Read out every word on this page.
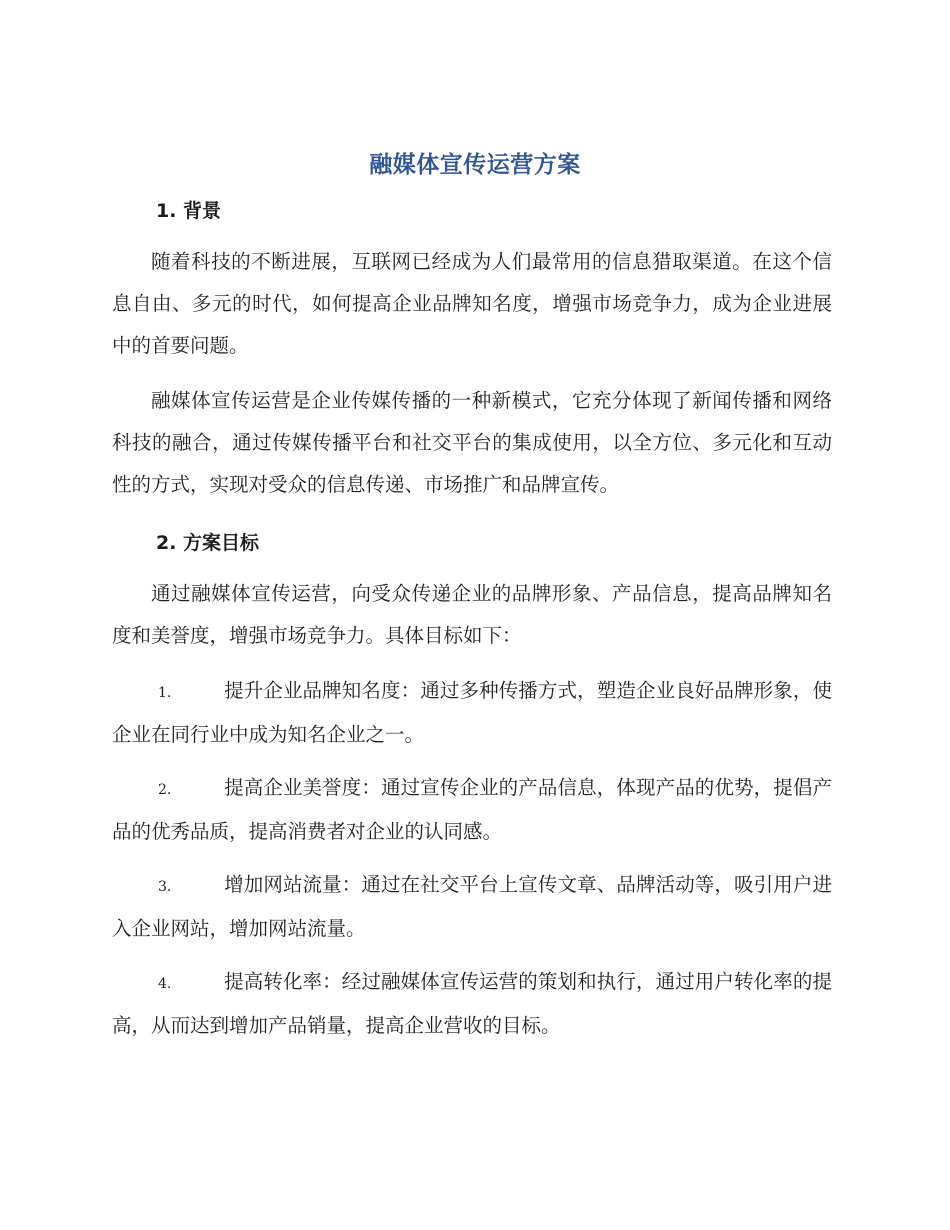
融媒体宣传运营方案
1. 背景
随着科技的不断进展，互联网已经成为人们最常用的信息猎取渠道。在这个信息自由、多元的时代，如何提高企业品牌知名度，增强市场竞争力，成为企业进展中的首要问题。
融媒体宣传运营是企业传媒传播的一种新模式，它充分体现了新闻传播和网络科技的融合，通过传媒传播平台和社交平台的集成使用，以全方位、多元化和互动性的方式，实现对受众的信息传递、市场推广和品牌宣传。
2. 方案目标
通过融媒体宣传运营，向受众传递企业的品牌形象、产品信息，提高品牌知名度和美誉度，增强市场竞争力。具体目标如下：
1.	提升企业品牌知名度：通过多种传播方式，塑造企业良好品牌形象，使企业在同行业中成为知名企业之一。
2.	提高企业美誉度：通过宣传企业的产品信息，体现产品的优势，提倡产品的优秀品质，提高消费者对企业的认同感。
3.	增加网站流量：通过在社交平台上宣传文章、品牌活动等，吸引用户进入企业网站，增加网站流量。
4.	提高转化率：经过融媒体宣传运营的策划和执行，通过用户转化率的提高，从而达到增加产品销量，提高企业营收的目标。
